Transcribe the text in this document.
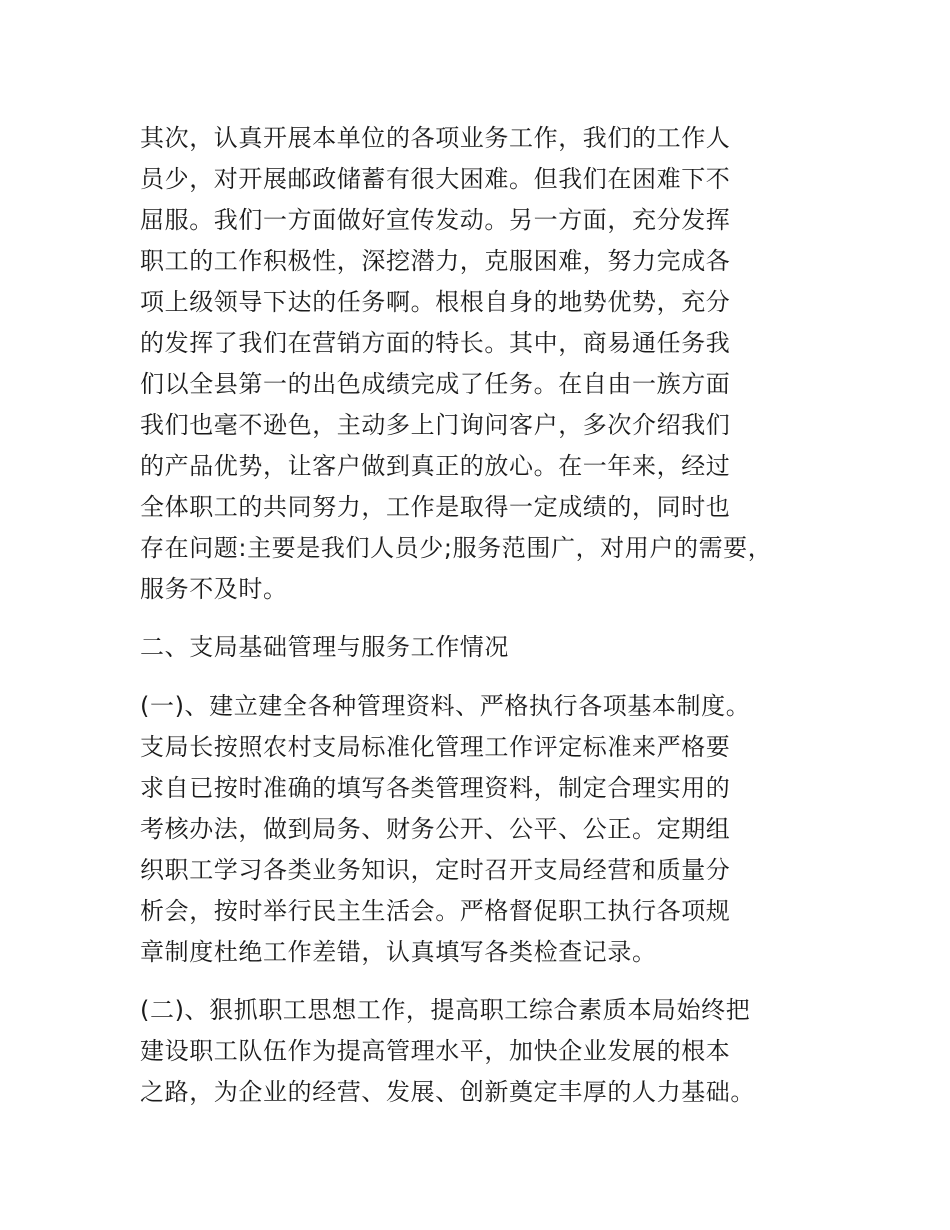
其次，认真开展本单位的各项业务工作，我们的工作人
员少，对开展邮政储蓄有很大困难。但我们在困难下不
屈服。我们一方面做好宣传发动。另一方面，充分发挥
职工的工作积极性，深挖潜力，克服困难，努力完成各
项上级领导下达的任务啊。根根自身的地势优势，充分
的发挥了我们在营销方面的特长。其中，商易通任务我
们以全县第一的出色成绩完成了任务。在自由一族方面
我们也毫不逊色，主动多上门询问客户，多次介绍我们
的产品优势，让客户做到真正的放心。在一年来，经过
全体职工的共同努力，工作是取得一定成绩的，同时也
存在问题:主要是我们人员少;服务范围广，对用户的需要，
服务不及时。
二、支局基础管理与服务工作情况
(一)、建立建全各种管理资料、严格执行各项基本制度。
支局长按照农村支局标准化管理工作评定标准来严格要
求自已按时准确的填写各类管理资料，制定合理实用的
考核办法，做到局务、财务公开、公平、公正。定期组
织职工学习各类业务知识，定时召开支局经营和质量分
析会，按时举行民主生活会。严格督促职工执行各项规
章制度杜绝工作差错，认真填写各类检查记录。
(二)、狠抓职工思想工作，提高职工综合素质本局始终把
建设职工队伍作为提高管理水平，加快企业发展的根本
之路，为企业的经营、发展、创新奠定丰厚的人力基础。
